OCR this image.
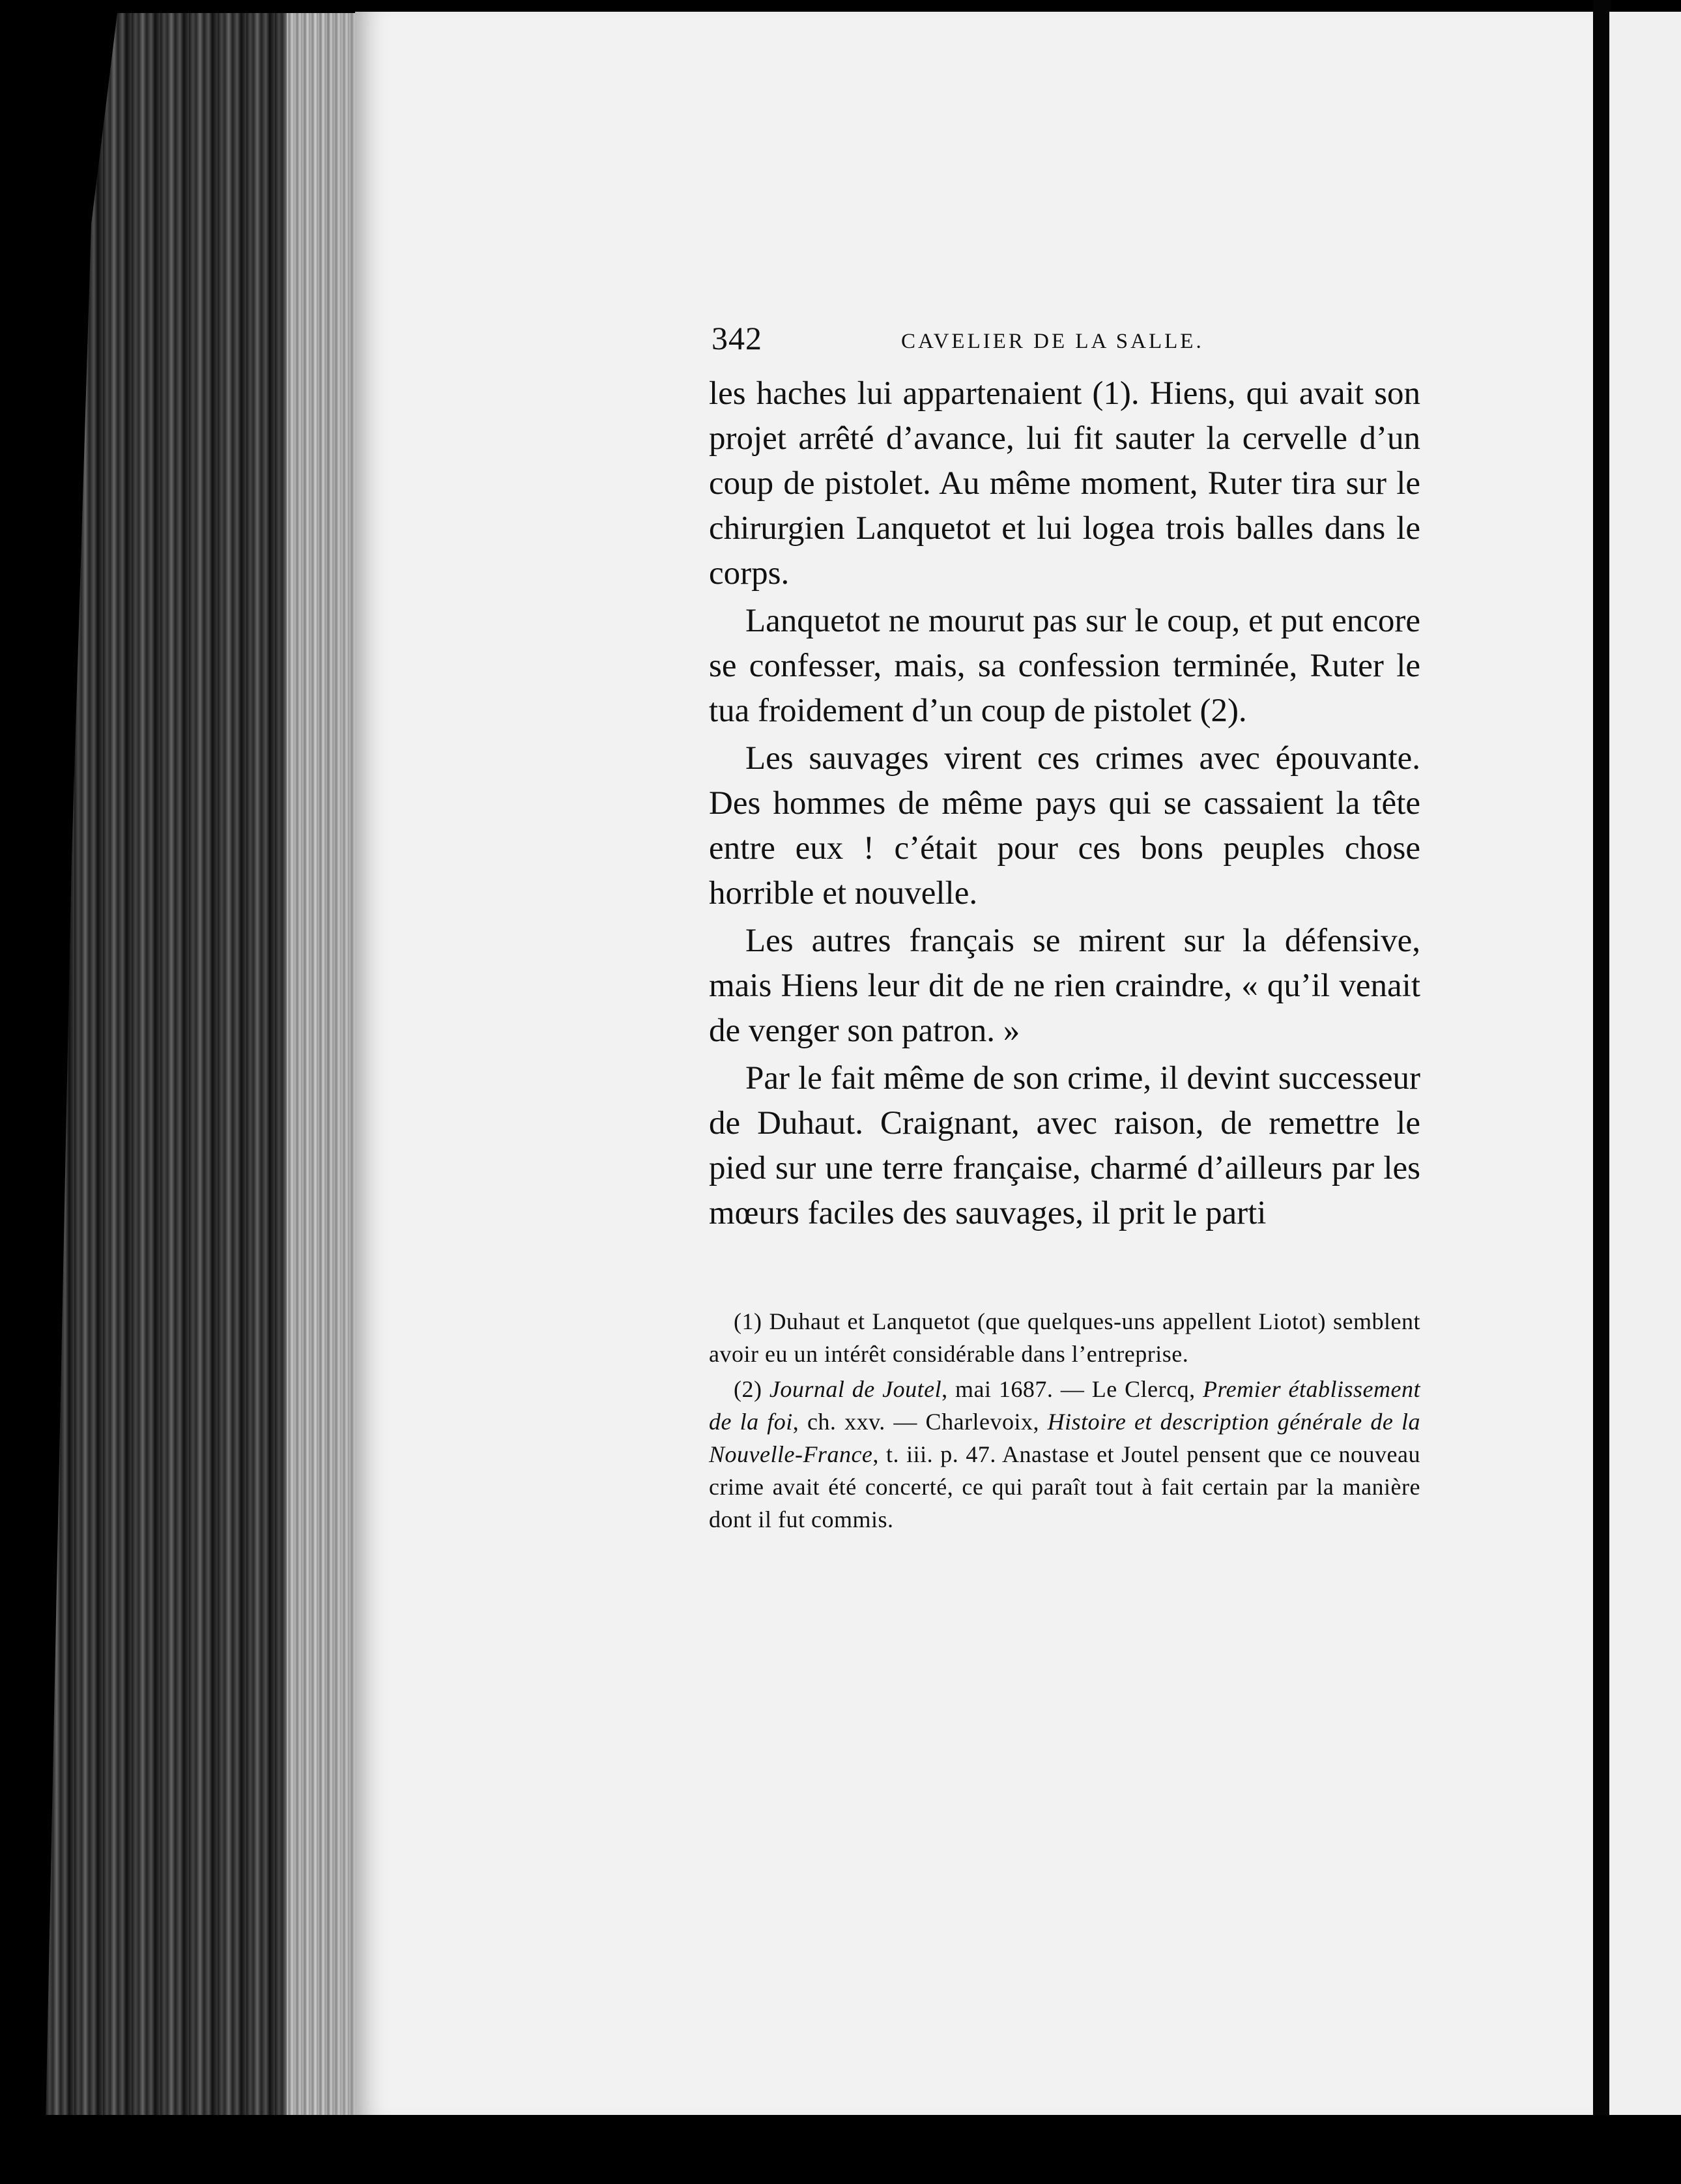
342	CAVELIER DE LA SALLE.

les haches lui appartenaient (1). Hiens, qui avait son projet arrêté d’avance, lui fit sauter la cervelle d’un coup de pistolet. Au même moment, Ruter tira sur le chirurgien Lanquetot et lui logea trois balles dans le corps.

Lanquetot ne mourut pas sur le coup, et put encore se confesser, mais, sa confession terminée, Ruter le tua froidement d’un coup de pistolet (2).

Les sauvages virent ces crimes avec épouvante. Des hommes de même pays qui se cassaient la tête entre eux ! c’était pour ces bons peuples chose horrible et nouvelle.

Les autres français se mirent sur la défensive, mais Hiens leur dit de ne rien craindre, « qu’il venait de venger son patron. »

Par le fait même de son crime, il devint successeur de Duhaut. Craignant, avec raison, de remettre le pied sur une terre française, charmé d’ailleurs par les mœurs faciles des sauvages, il prit le parti

(1) Duhaut et Lanquetot (que quelques-uns appellent Liotot) semblent avoir eu un intérêt considérable dans l’entreprise.

(2) Journal de Joutel, mai 1687. — Le Clercq, Premier établissement de la foi, ch. xxv. — Charlevoix, Histoire et description générale de la Nouvelle-France, t. iii. p. 47. Anastase et Joutel pensent que ce nouveau crime avait été concerté, ce qui paraît tout à fait certain par la manière dont il fut commis.
